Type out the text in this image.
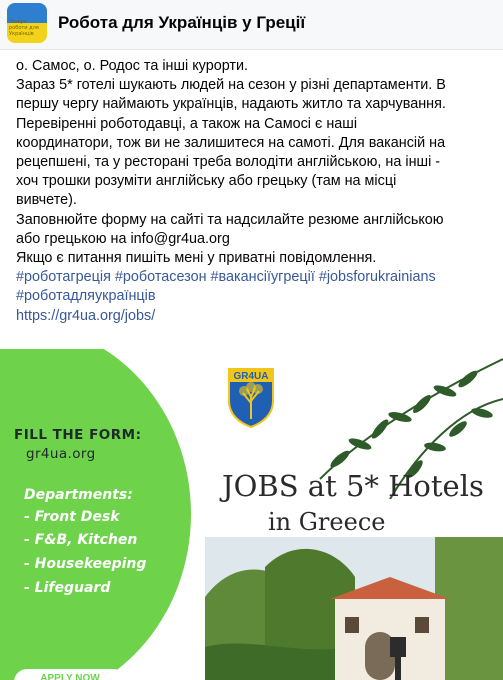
Пошук роботи для Українців
Робота для Українців у Греції
о. Самос, о. Родос та інші курорти.
Зараз 5* готелі шукають людей на сезон у різні департаменти. В
першу чергу наймають українців, надають житло та харчування.
Перевіренні роботодавці, а також на Самосі є наші
координатори, тож ви не залишитеся на самоті. Для вакансій на
рецепшені, та у ресторані треба володіти англійською, на інші -
хоч трошки розуміти англійську або грецьку (там на місці
вивчете).
Заповнюйте форму на сайті та надсилайте резюме англійською
або грецькою на info@gr4ua.org
Якщо є питання пишіть мені у приватні повідомлення.
#роботагреція #роботасезон #вакансіїугреції #jobsforukrainians
#роботадляукраїнців
https://gr4ua.org/jobs/
FILL THE FORM:
gr4ua.org
Departments:
- Front Desk
- F&B, Kitchen
- Housekeeping
- Lifeguard
APPLY NOW
GR4UA
JOBS at 5* Hotels
in Greece
